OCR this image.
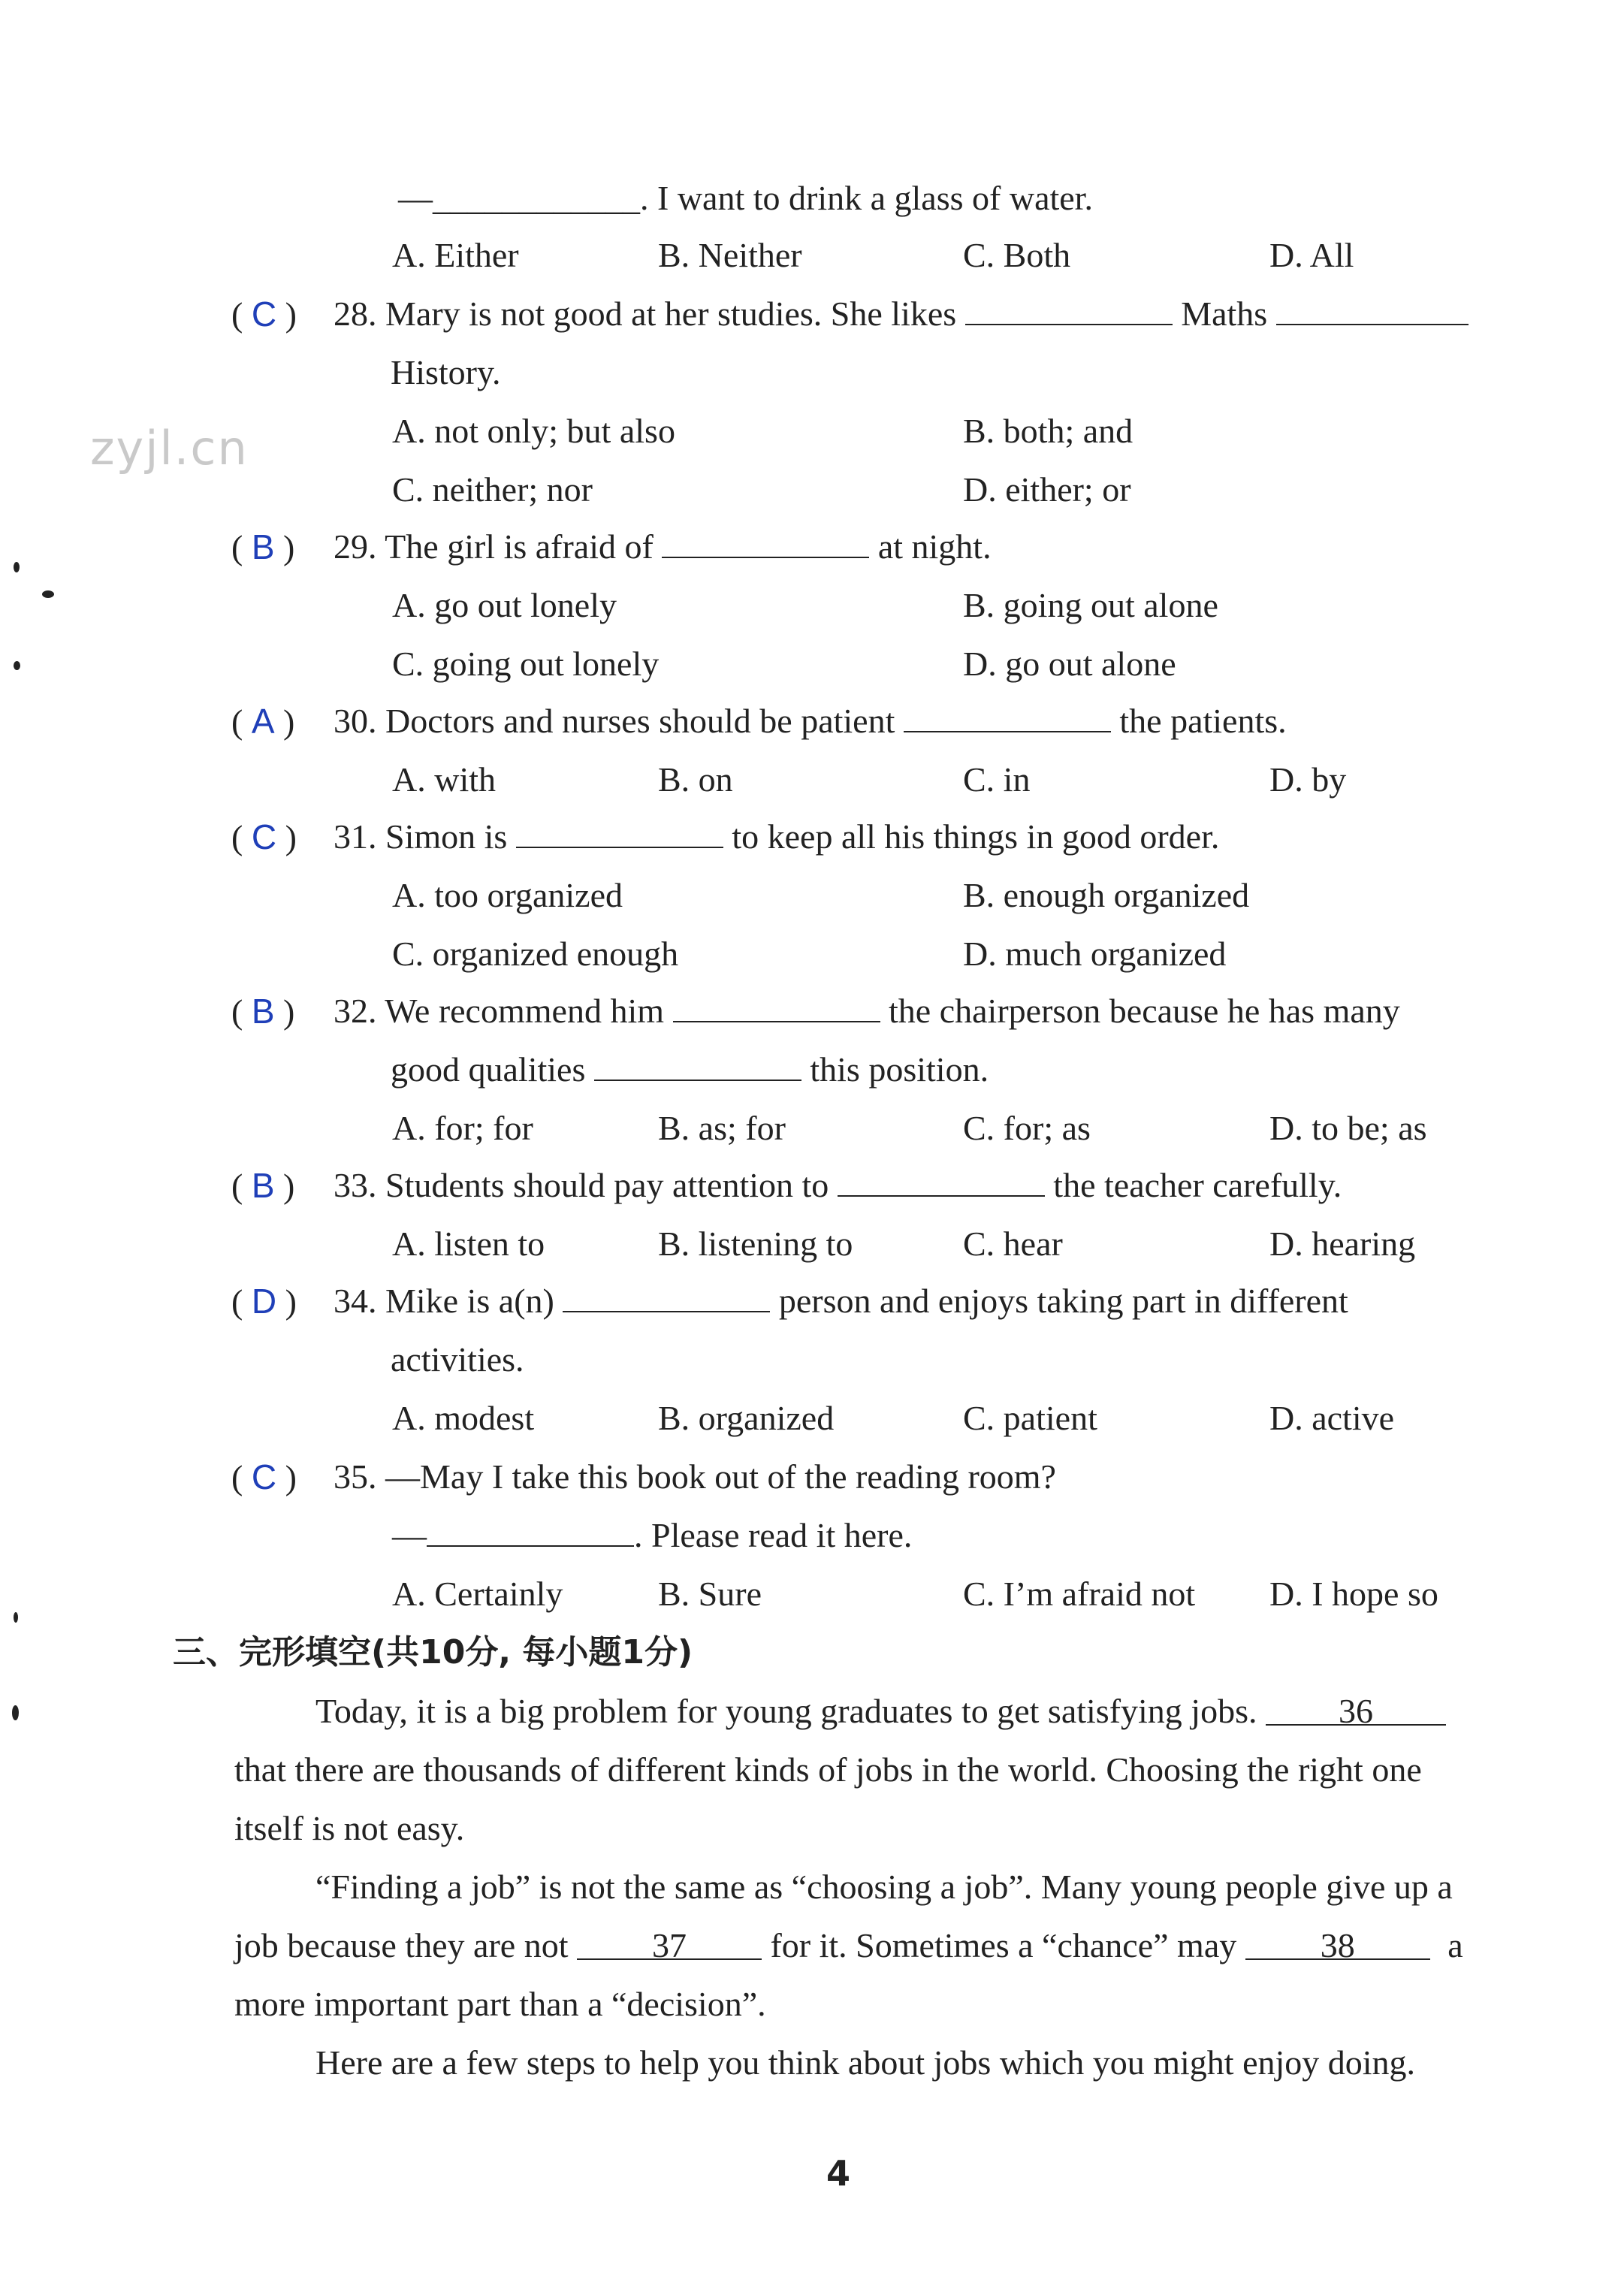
zyjl.cn
—____________. I want to drink a glass of water.
A. Either	B. Neither	C. Both	D. All
( C ) 28. Mary is not good at her studies. She likes	Maths
History.
A. not only; but also	B. both; and
C. neither; nor	D. either; or
( B ) 29. The girl is afraid of	at night.
A. go out lonely	B. going out alone
C. going out lonely	D. go out alone
( A ) 30. Doctors and nurses should be patient	the patients.
A. with	B. on	C. in	D. by
( C ) 31. Simon is	to keep all his things in good order.
A. too organized	B. enough organized
C. organized enough	D. much organized
( B ) 32. We recommend him	the chairperson because he has many
good qualities	this position.
A. for; for	B. as; for	C. for; as	D. to be; as
( B ) 33. Students should pay attention to	the teacher carefully.
A. listen to	B. listening to	C. hear	D. hearing
( D ) 34. Mike is a(n)	person and enjoys taking part in different
activities.
A. modest	B. organized	C. patient	D. active
( C ) 35. —May I take this book out of the reading room?
—	. Please read it here.
A. Certainly	B. Sure	C. I’m afraid not D. I hope so
三、完形填空(共10分, 每小题1分)
Today, it is a big problem for young graduates to get satisfying jobs. 36
that there are thousands of different kinds of jobs in the world. Choosing the right one
itself is not easy.
“Finding a job” is not the same as “choosing a job”. Many young people give up a
job because they are not 37 for it. Sometimes a “chance” may 38	a
more important part than a “decision”.
Here are a few steps to help you think about jobs which you might enjoy doing.
4
